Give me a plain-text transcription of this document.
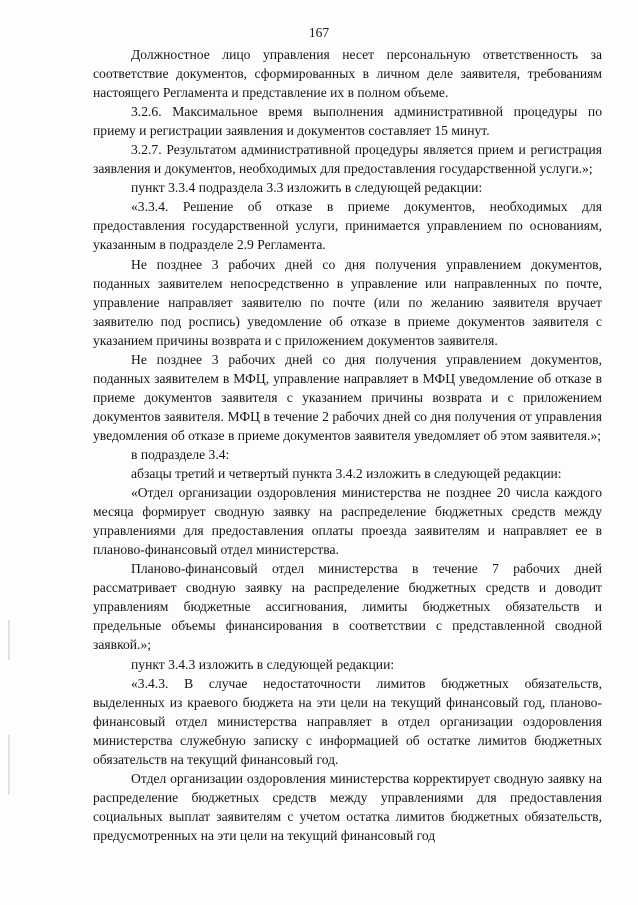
167

Должностное лицо управления несет персональную ответственность за соответствие документов, сформированных в личном деле заявителя, требованиям настоящего Регламента и представление их в полном объеме.

3.2.6. Максимальное время выполнения административной процедуры по приему и регистрации заявления и документов составляет 15 минут.

3.2.7. Результатом административной процедуры является прием и регистрация заявления и документов, необходимых для предоставления государственной услуги.»;

пункт 3.3.4 подраздела 3.3 изложить в следующей редакции:

«3.3.4. Решение об отказе в приеме документов, необходимых для предоставления государственной услуги, принимается управлением по основаниям, указанным в подразделе 2.9 Регламента.

Не позднее 3 рабочих дней со дня получения управлением документов, поданных заявителем непосредственно в управление или направленных по почте, управление направляет заявителю по почте (или по желанию заявителя вручает заявителю под роспись) уведомление об отказе в приеме документов заявителя с указанием причины возврата и с приложением документов заявителя.

Не позднее 3 рабочих дней со дня получения управлением документов, поданных заявителем в МФЦ, управление направляет в МФЦ уведомление об отказе в приеме документов заявителя с указанием причины возврата и с приложением документов заявителя. МФЦ в течение 2 рабочих дней со дня получения от управления уведомления об отказе в приеме документов заявителя уведомляет об этом заявителя.»;

в подразделе 3.4:

абзацы третий и четвертый пункта 3.4.2 изложить в следующей редакции:

«Отдел организации оздоровления министерства не позднее 20 числа каждого месяца формирует сводную заявку на распределение бюджетных средств между управлениями для предоставления оплаты проезда заявителям и направляет ее в планово-финансовый отдел министерства.

Планово-финансовый отдел министерства в течение 7 рабочих дней рассматривает сводную заявку на распределение бюджетных средств и доводит управлениям бюджетные ассигнования, лимиты бюджетных обязательств и предельные объемы финансирования в соответствии с представленной сводной заявкой.»;

пункт 3.4.3 изложить в следующей редакции:

«3.4.3. В случае недостаточности лимитов бюджетных обязательств, выделенных из краевого бюджета на эти цели на текущий финансовый год, планово-финансовый отдел министерства направляет в отдел организации оздоровления министерства служебную записку с информацией об остатке лимитов бюджетных обязательств на текущий финансовый год.

Отдел организации оздоровления министерства корректирует сводную заявку на распределение бюджетных средств между управлениями для предоставления социальных выплат заявителям с учетом остатка лимитов бюджетных обязательств, предусмотренных на эти цели на текущий финансовый год
